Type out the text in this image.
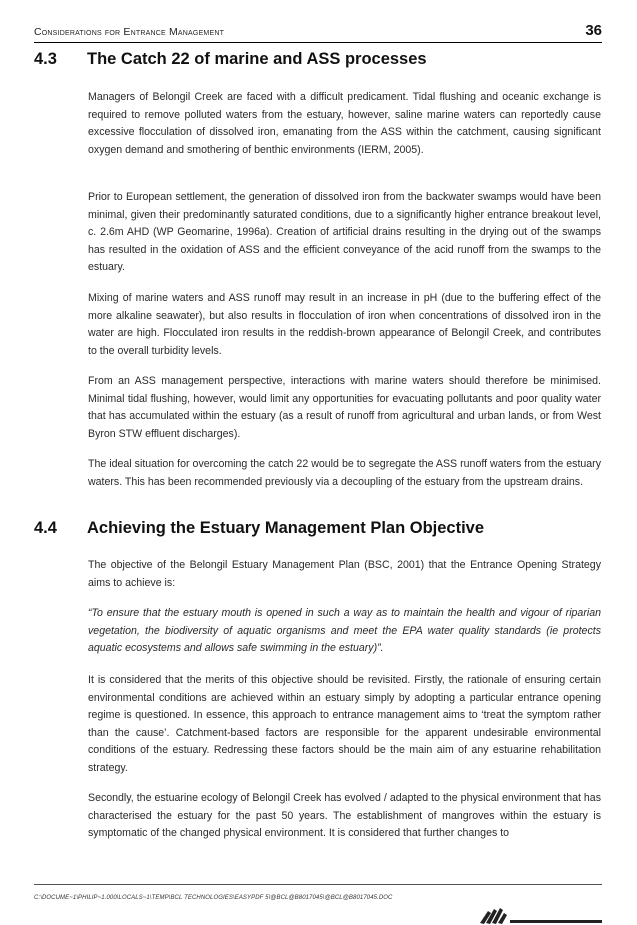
Considerations for Entrance Management	36
4.3 The Catch 22 of marine and ASS processes

Managers of Belongil Creek are faced with a difficult predicament. Tidal flushing and oceanic exchange is required to remove polluted waters from the estuary, however, saline marine waters can reportedly cause excessive flocculation of dissolved iron, emanating from the ASS within the catchment, causing significant oxygen demand and smothering of benthic environments (IERM, 2005).

Prior to European settlement, the generation of dissolved iron from the backwater swamps would have been minimal, given their predominantly saturated conditions, due to a significantly higher entrance breakout level, c. 2.6m AHD (WP Geomarine, 1996a). Creation of artificial drains resulting in the drying out of the swamps has resulted in the oxidation of ASS and the efficient conveyance of the acid runoff from the swamps to the estuary.

Mixing of marine waters and ASS runoff may result in an increase in pH (due to the buffering effect of the more alkaline seawater), but also results in flocculation of iron when concentrations of dissolved iron in the water are high. Flocculated iron results in the reddish-brown appearance of Belongil Creek, and contributes to the overall turbidity levels.

From an ASS management perspective, interactions with marine waters should therefore be minimised. Minimal tidal flushing, however, would limit any opportunities for evacuating pollutants and poor quality water that has accumulated within the estuary (as a result of runoff from agricultural and urban lands, or from West Byron STW effluent discharges).

The ideal situation for overcoming the catch 22 would be to segregate the ASS runoff waters from the estuary waters. This has been recommended previously via a decoupling of the estuary from the upstream drains.

4.4 Achieving the Estuary Management Plan Objective

The objective of the Belongil Estuary Management Plan (BSC, 2001) that the Entrance Opening Strategy aims to achieve is:

“To ensure that the estuary mouth is opened in such a way as to maintain the health and vigour of riparian vegetation, the biodiversity of aquatic organisms and meet the EPA water quality standards (ie protects aquatic ecosystems and allows safe swimming in the estuary)”.

It is considered that the merits of this objective should be revisited. Firstly, the rationale of ensuring certain environmental conditions are achieved within an estuary simply by adopting a particular entrance opening regime is questioned. In essence, this approach to entrance management aims to ‘treat the symptom rather than the cause’. Catchment-based factors are responsible for the apparent undesirable environmental conditions of the estuary. Redressing these factors should be the main aim of any estuarine rehabilitation strategy.

Secondly, the estuarine ecology of Belongil Creek has evolved / adapted to the physical environment that has characterised the estuary for the past 50 years. The establishment of mangroves within the estuary is symptomatic of the changed physical environment. It is considered that further changes to

C:\DOCUME~1\PHILIP~1.000\LOCALS~1\TEMP\BCL TECHNOLOGIES\EASYPDF 5\@BCL@B8017045\@BCL@B8017045.DOC
